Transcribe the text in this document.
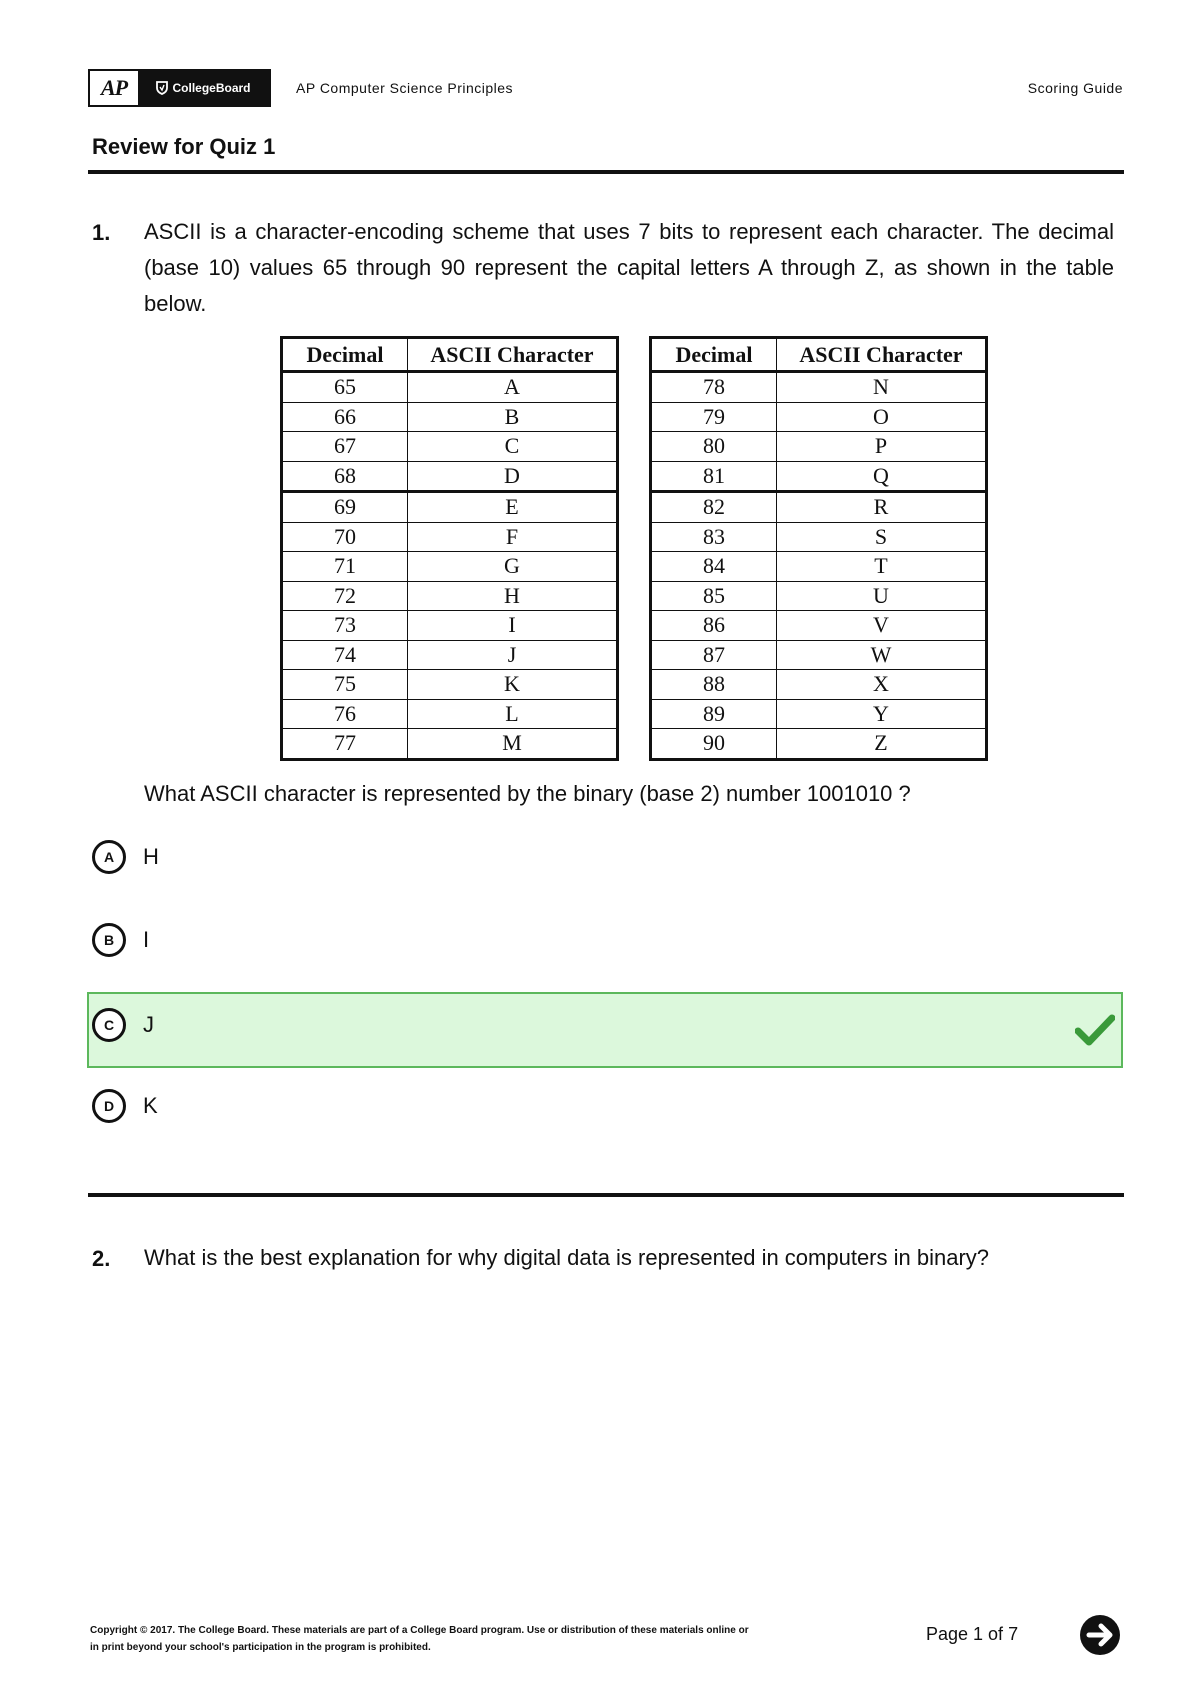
AP	CollegeBoard	AP Computer Science Principles	Scoring Guide
Review for Quiz 1
1. ASCII is a character-encoding scheme that uses 7 bits to represent each character. The decimal (base 10) values 65 through 90 represent the capital letters A through Z, as shown in the table below.
Decimal	ASCII Character
65	A
66	B
67	C
68	D
69	E
70	F
71	G
72	H
73	I
74	J
75	K
76	L
77	M
Decimal	ASCII Character
78	N
79	O
80	P
81	Q
82	R
83	S
84	T
85	U
86	V
87	W
88	X
89	Y
90	Z
What ASCII character is represented by the binary (base 2) number 1001010 ?
A	H
B	I
C	J
D	K
2. What is the best explanation for why digital data is represented in computers in binary?
Copyright © 2017. The College Board. These materials are part of a College Board program. Use or distribution of these materials online or
in print beyond your school's participation in the program is prohibited.
Page 1 of 7
